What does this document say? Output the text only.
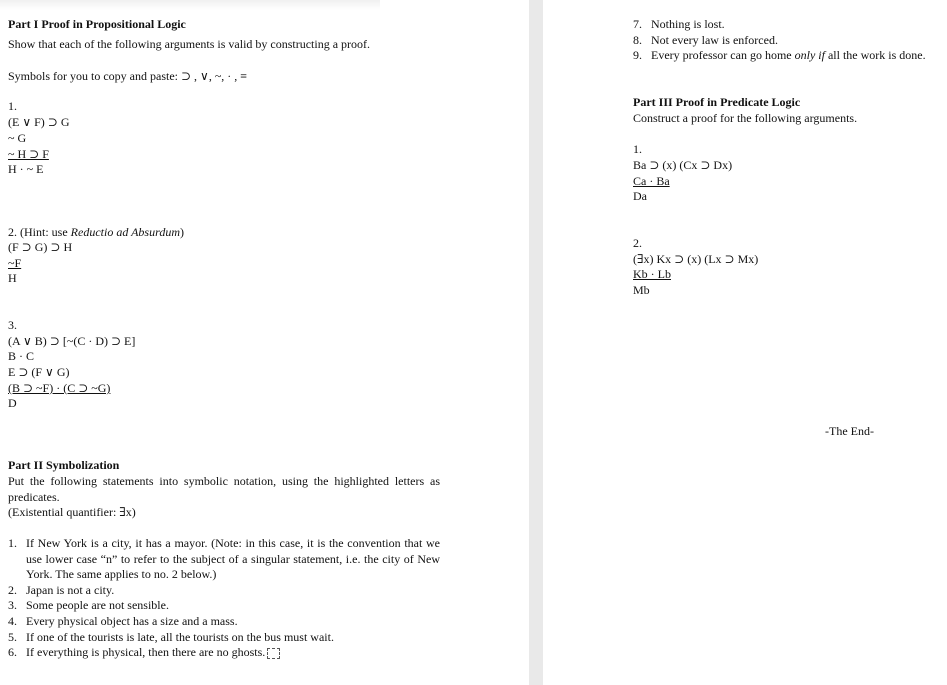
Part I Proof in Propositional Logic
Show that each of the following arguments is valid by constructing a proof.
Symbols for you to copy and paste: ⊃ , ∨, ~, · , ≡
1.
(E ∨ F) ⊃ G
~ G
~ H ⊃ F
H · ~ E
2. (Hint: use Reductio ad Absurdum)
(F ⊃ G) ⊃ H
~F
H
3.
(A ∨ B) ⊃ [~(C · D) ⊃ E]
B · C
E ⊃ (F ∨ G)
(B ⊃ ~F) · (C ⊃ ~G)
D
Part II Symbolization
Put the following statements into symbolic notation, using the highlighted letters as predicates.
(Existential quantifier: ∃x)
1. If New York is a city, it has a mayor. (Note: in this case, it is the convention that we use lower case “n” to refer to the subject of a singular statement, i.e. the city of New York. The same applies to no. 2 below.)
2. Japan is not a city.
3. Some people are not sensible.
4. Every physical object has a size and a mass.
5. If one of the tourists is late, all the tourists on the bus must wait.
6. If everything is physical, then there are no ghosts.
7. Nothing is lost.
8. Not every law is enforced.
9. Every professor can go home only if all the work is done.
Part III Proof in Predicate Logic
Construct a proof for the following arguments.
1.
Ba ⊃ (x) (Cx ⊃ Dx)
Ca · Ba
Da
2.
(∃x) Kx ⊃ (x) (Lx ⊃ Mx)
Kb · Lb
Mb
-The End-
